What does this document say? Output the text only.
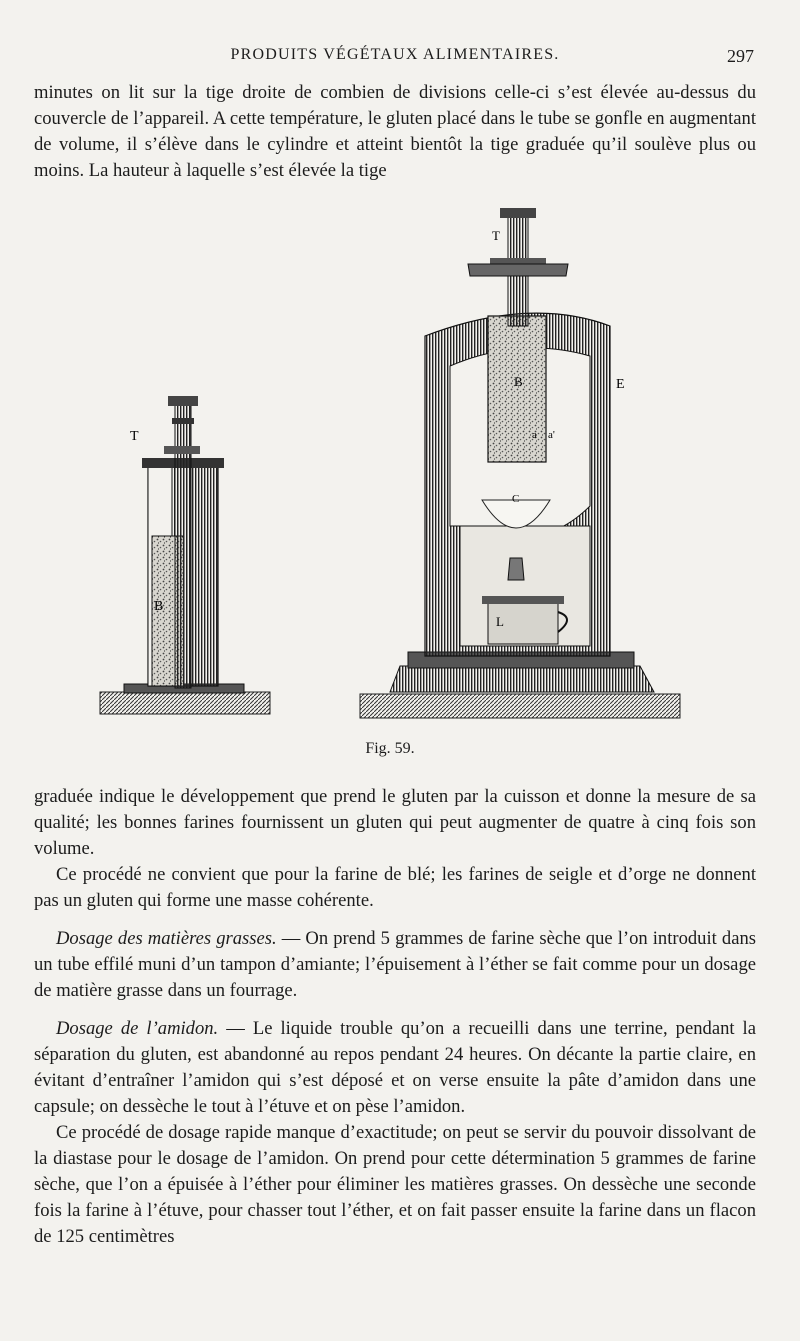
PRODUITS VÉGÉTAUX ALIMENTAIRES.	297

minutes on lit sur la tige droite de combien de divisions celle-ci s’est élevée au-dessus du couvercle de l’appareil. A cette température, le gluten placé dans le tube se gonfle en augmentant de volume, il s’élève dans le cylindre et atteint bientôt la tige graduée qu’il soulève plus ou moins. La hauteur à laquelle s’est élevée la tige

T
B
T
B	E
a a'
C
L
Fig. 59.

graduée indique le développement que prend le gluten par la cuisson et donne la mesure de sa qualité; les bonnes farines fournissent un gluten qui peut augmenter de quatre à cinq fois son volume.

Ce procédé ne convient que pour la farine de blé; les farines de seigle et d’orge ne donnent pas un gluten qui forme une masse cohérente.

Dosage des matières grasses. — On prend 5 grammes de farine sèche que l’on introduit dans un tube effilé muni d’un tampon d’amiante; l’épuisement à l’éther se fait comme pour un dosage de matière grasse dans un fourrage.

Dosage de l’amidon. — Le liquide trouble qu’on a recueilli dans une terrine, pendant la séparation du gluten, est abandonné au repos pendant 24 heures. On décante la partie claire, en évitant d’entraîner l’amidon qui s’est déposé et on verse ensuite la pâte d’amidon dans une capsule; on dessèche le tout à l’étuve et on pèse l’amidon.

Ce procédé de dosage rapide manque d’exactitude; on peut se servir du pouvoir dissolvant de la diastase pour le dosage de l’amidon. On prend pour cette détermination 5 grammes de farine sèche, que l’on a épuisée à l’éther pour éliminer les matières grasses. On dessèche une seconde fois la farine à l’étuve, pour chasser tout l’éther, et on fait passer ensuite la farine dans un flacon de 125 centimètres
